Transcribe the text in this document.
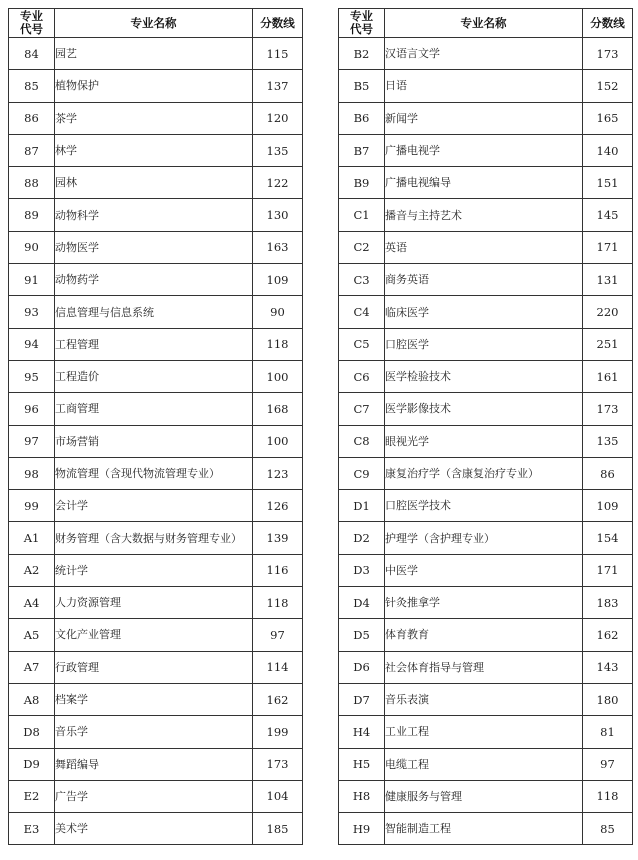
专业
代号	专业名称	分数线
84	园艺	115
85	植物保护	137
86	茶学	120
87	林学	135
88	园林	122
89	动物科学	130
90	动物医学	163
91	动物药学	109
93	信息管理与信息系统	90
94	工程管理	118
95	工程造价	100
96	工商管理	168
97	市场营销	100
98	物流管理（含现代物流管理专业）	123
99	会计学	126
A1	财务管理（含大数据与财务管理专业）	139
A2	统计学	116
A4	人力资源管理	118
A5	文化产业管理	97
A7	行政管理	114
A8	档案学	162
D8	音乐学	199
D9	舞蹈编导	173
E2	广告学	104
E3	美术学	185
专业
代号	专业名称	分数线
B2	汉语言文学	173
B5	日语	152
B6	新闻学	165
B7	广播电视学	140
B9	广播电视编导	151
C1	播音与主持艺术	145
C2	英语	171
C3	商务英语	131
C4	临床医学	220
C5	口腔医学	251
C6	医学检验技术	161
C7	医学影像技术	173
C8	眼视光学	135
C9	康复治疗学（含康复治疗专业）	86
D1	口腔医学技术	109
D2	护理学（含护理专业）	154
D3	中医学	171
D4	针灸推拿学	183
D5	体育教育	162
D6	社会体育指导与管理	143
D7	音乐表演	180
H4	工业工程	81
H5	电缆工程	97
H8	健康服务与管理	118
H9	智能制造工程	85
